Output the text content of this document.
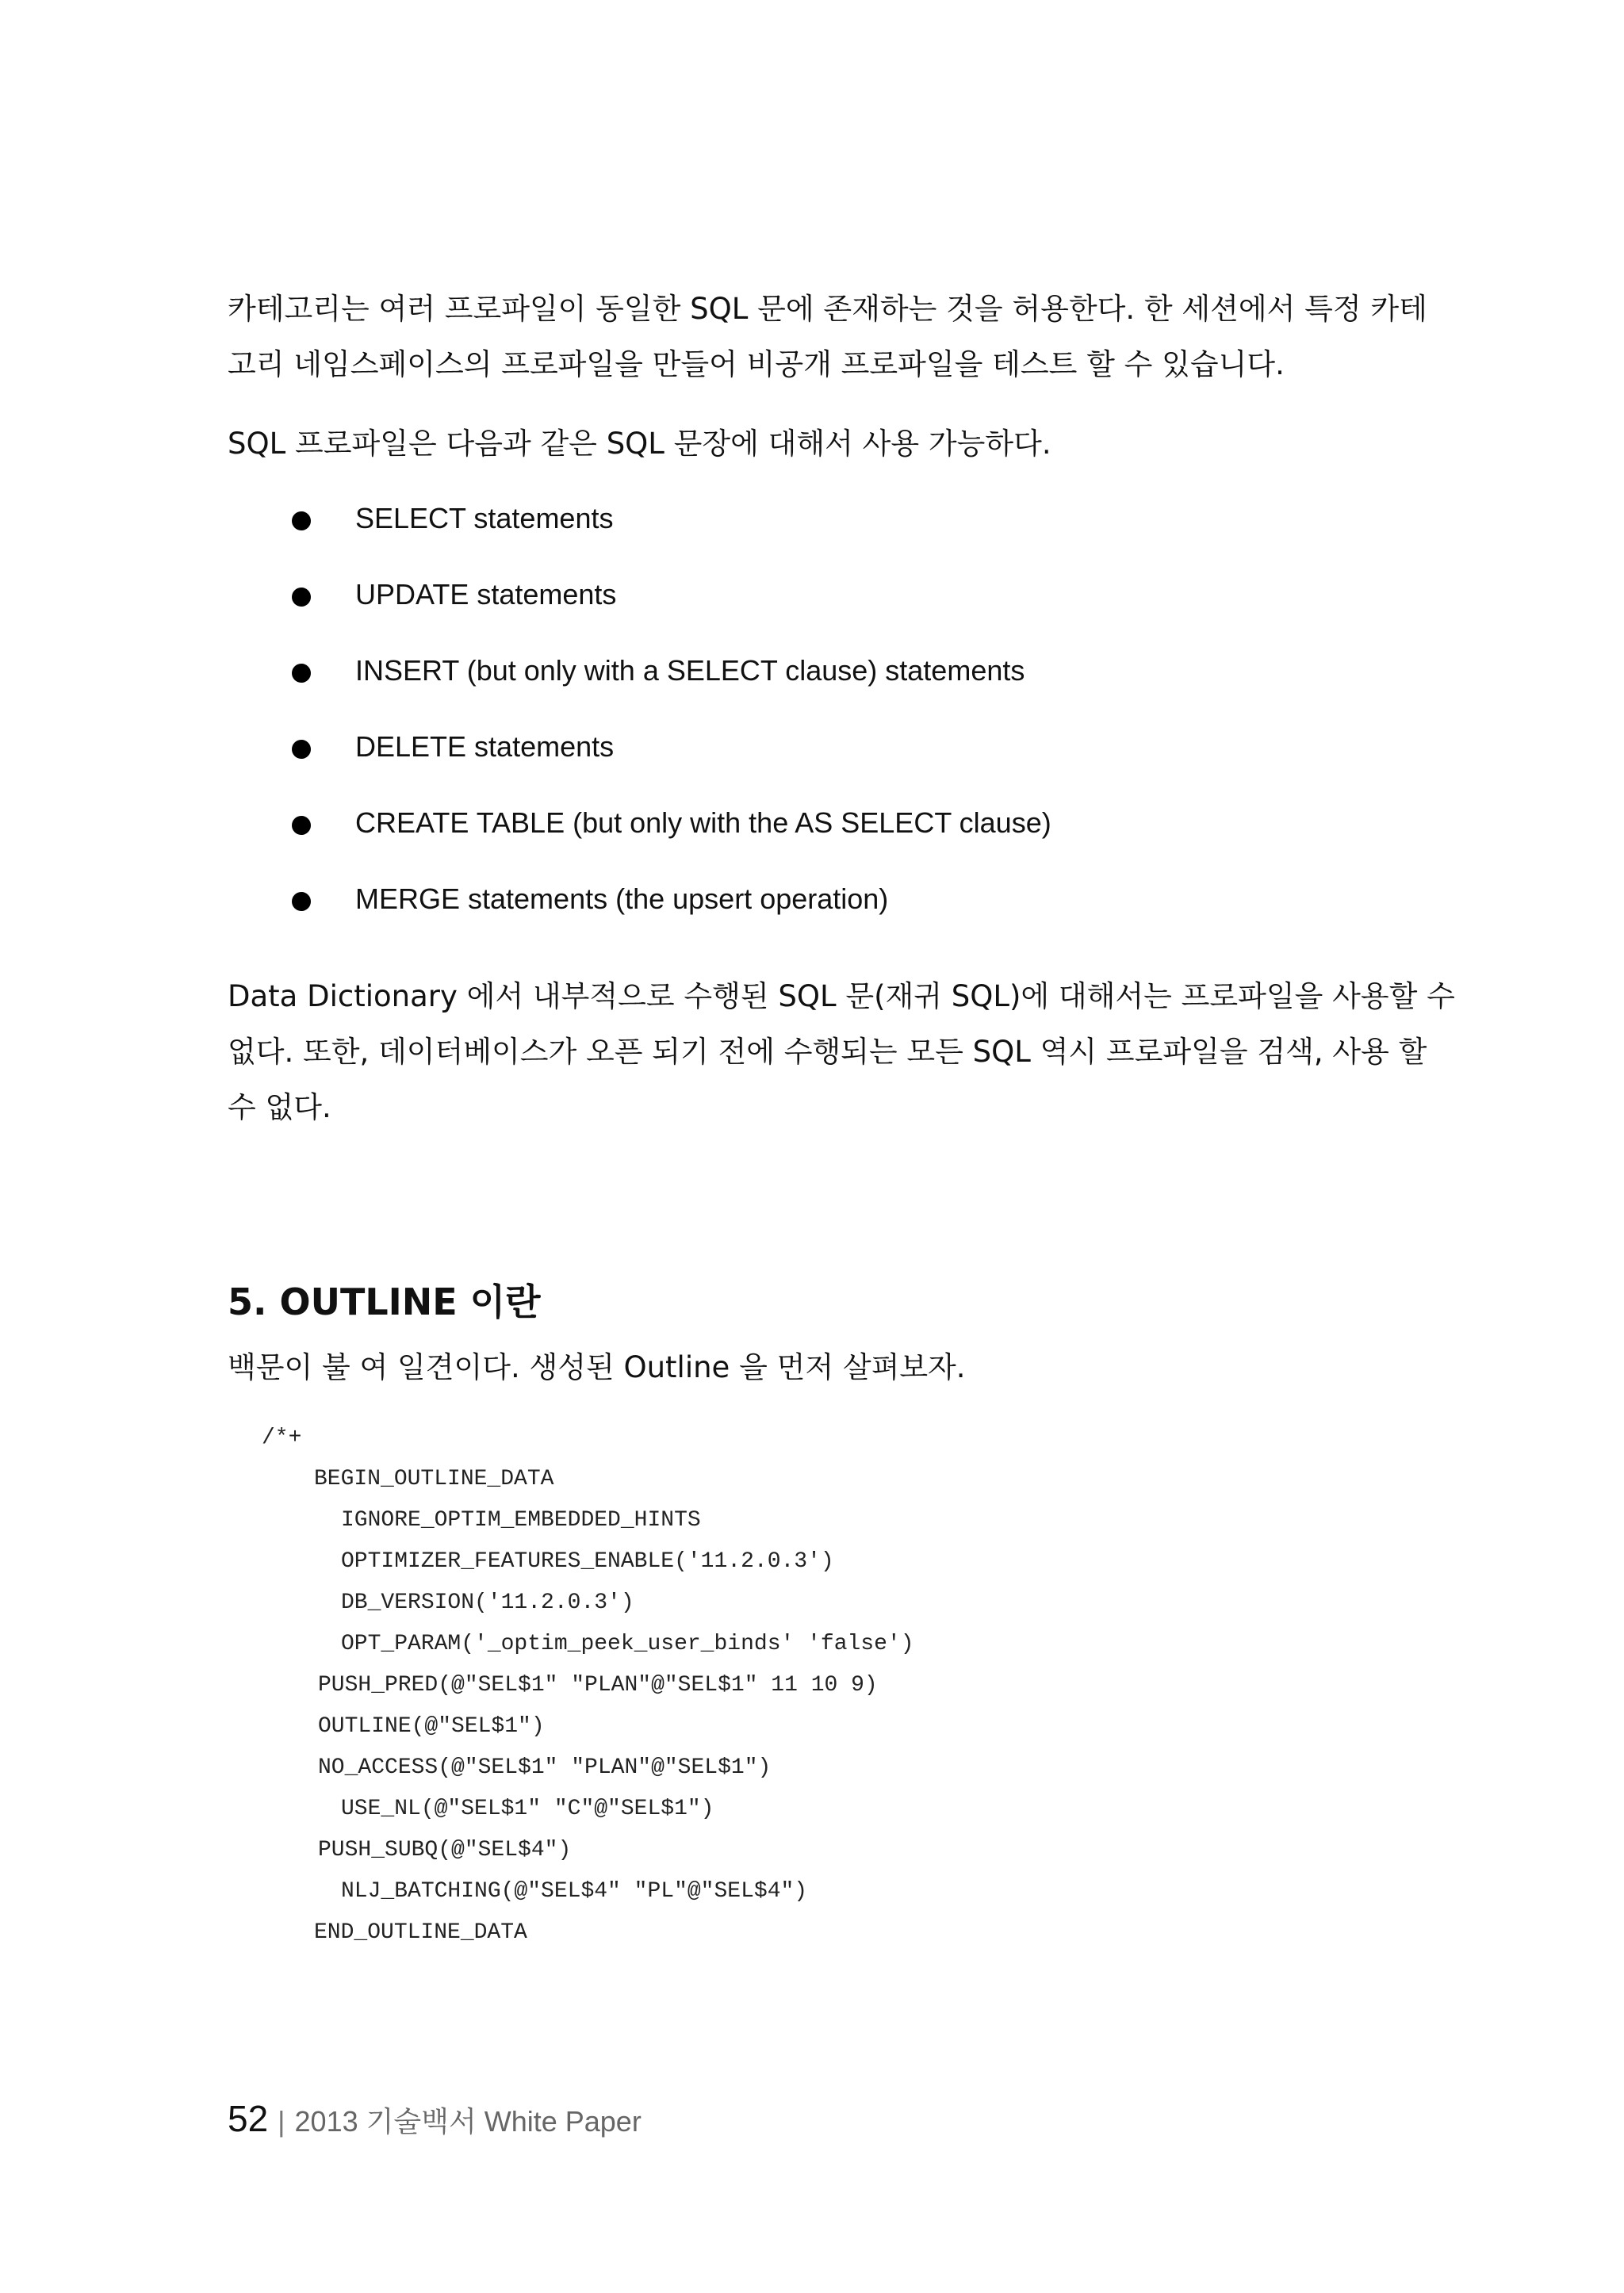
카테고리는 여러 프로파일이 동일한 SQL 문에 존재하는 것을 허용한다. 한 세션에서 특정 카테
고리 네임스페이스의 프로파일을 만들어 비공개 프로파일을 테스트 할 수 있습니다.

SQL 프로파일은 다음과 같은 SQL 문장에 대해서 사용 가능하다.

SELECT statements
UPDATE statements
INSERT (but only with a SELECT clause) statements
DELETE statements
CREATE TABLE (but only with the AS SELECT clause)
MERGE statements (the upsert operation)

Data Dictionary 에서 내부적으로 수행된 SQL 문(재귀 SQL)에 대해서는 프로파일을 사용할 수
없다. 또한, 데이터베이스가 오픈 되기 전에 수행되는 모든 SQL 역시 프로파일을 검색, 사용 할
수 없다.

5. OUTLINE 이란

백문이 불 여 일견이다. 생성된 Outline 을 먼저 살펴보자.

/*+
BEGIN_OUTLINE_DATA
IGNORE_OPTIM_EMBEDDED_HINTS
OPTIMIZER_FEATURES_ENABLE('11.2.0.3')
DB_VERSION('11.2.0.3')
OPT_PARAM('_optim_peek_user_binds' 'false')
PUSH_PRED(@"SEL$1" "PLAN"@"SEL$1" 11 10 9)
OUTLINE(@"SEL$1")
NO_ACCESS(@"SEL$1" "PLAN"@"SEL$1")
USE_NL(@"SEL$1" "C"@"SEL$1")
PUSH_SUBQ(@"SEL$4")
NLJ_BATCHING(@"SEL$4" "PL"@"SEL$4")
END_OUTLINE_DATA
52 | 2013 기술백서 White Paper
